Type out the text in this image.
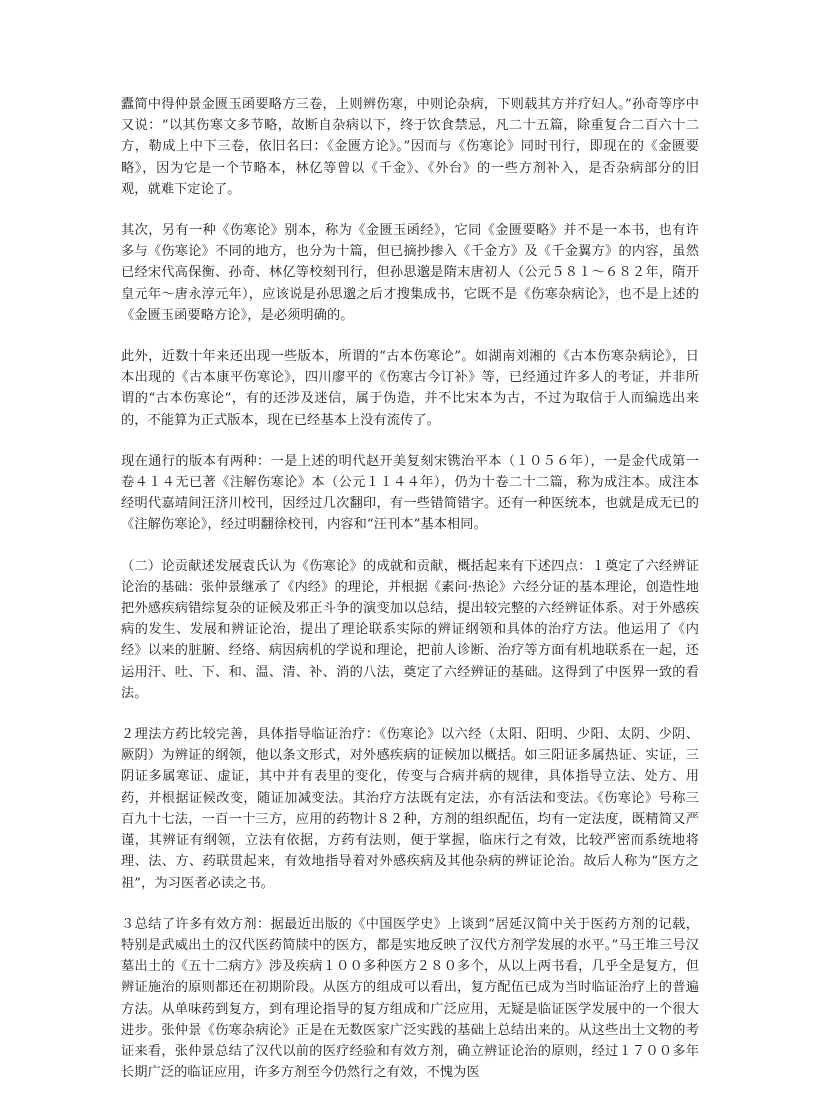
蠹简中得仲景金匮玉函要略方三卷，上则辨伤寒，中则论杂病，下则载其方并疗妇人。”孙奇等序中又说：“以其伤寒文多节略，故断自杂病以下，终于饮食禁忌，凡二十五篇，除重复合二百六十二方，勒成上中下三卷，依旧名曰：《金匮方论》。”因而与《伤寒论》同时刊行，即现在的《金匮要略》，因为它是一个节略本，林亿等曾以《千金》、《外台》的一些方剂补入，是否杂病部分的旧观，就难下定论了。

其次，另有一种《伤寒论》别本，称为《金匮玉函经》，它同《金匮要略》并不是一本书，也有许多与《伤寒论》不同的地方，也分为十篇，但已摘抄掺入《千金方》及《千金翼方》的内容，虽然已经宋代高保衡、孙奇、林亿等校刻刊行，但孙思邈是隋末唐初人（公元５８１～６８２年，隋开皇元年～唐永淳元年），应该说是孙思邈之后才搜集成书，它既不是《伤寒杂病论》，也不是上述的《金匮玉函要略方论》，是必须明确的。

此外，近数十年来还出现一些版本，所谓的“古本伤寒论”。如湖南刘湘的《古本伤寒杂病论》，日本出现的《古本康平伤寒论》，四川廖平的《伤寒古今订补》等，已经通过许多人的考证，并非所谓的“古本伤寒论”，有的还涉及迷信，属于伪造，并不比宋本为古，不过为取信于人而编选出来的，不能算为正式版本，现在已经基本上没有流传了。

现在通行的版本有两种：一是上述的明代赵开美复刻宋镌治平本（１０５６年），一是金代成第一卷４１４无已著《注解伤寒论》本（公元１１４４年），仍为十卷二十二篇，称为成注本。成注本经明代嘉靖间汪济川校刊，因经过几次翻印，有一些错简错字。还有一种医统本，也就是成无已的《注解伤寒论》，经过明翻徐校刊，内容和“汪刊本”基本相同。

（二）论贡献述发展袁氏认为《伤寒论》的成就和贡献，概括起来有下述四点：１奠定了六经辨证论治的基础：张仲景继承了《内经》的理论，并根据《素问·热论》六经分证的基本理论，创造性地把外感疾病错综复杂的证候及邪正斗争的演变加以总结，提出较完整的六经辨证体系。对于外感疾病的发生、发展和辨证论治，提出了理论联系实际的辨证纲领和具体的治疗方法。他运用了《内经》以来的脏腑、经络、病因病机的学说和理论，把前人诊断、治疗等方面有机地联系在一起，还运用汗、吐、下、和、温、清、补、消的八法，奠定了六经辨证的基础。这得到了中医界一致的看法。

２理法方药比较完善，具体指导临证治疗：《伤寒论》以六经（太阳、阳明、少阳、太阴、少阴、厥阴）为辨证的纲领，他以条文形式，对外感疾病的证候加以概括。如三阳证多属热证、实证，三阴证多属寒证、虚证，其中并有表里的变化，传变与合病并病的规律，具体指导立法、处方、用药，并根据证候改变，随证加减变法。其治疗方法既有定法，亦有活法和变法。《伤寒论》号称三百九十七法，一百一十三方，应用的药物计８２种，方剂的组织配伍，均有一定法度，既精简又严谨，其辨证有纲领，立法有依据，方药有法则，便于掌握，临床行之有效，比较严密而系统地将理、法、方、药联贯起来，有效地指导着对外感疾病及其他杂病的辨证论治。故后人称为“医方之祖”，为习医者必读之书。

３总结了许多有效方剂：据最近出版的《中国医学史》上谈到“居延汉简中关于医药方剂的记载，特别是武威出土的汉代医药简牍中的医方，都是实地反映了汉代方剂学发展的水平。”马王堆三号汉墓出土的《五十二病方》涉及疾病１００多种医方２８０多个，从以上两书看，几乎全是复方，但辨证施治的原则都还在初期阶段。从医方的组成可以看出，复方配伍已成为当时临证治疗上的普遍方法。从单味药到复方，到有理论指导的复方组成和广泛应用，无疑是临证医学发展中的一个很大进步。张仲景《伤寒杂病论》正是在无数医家广泛实践的基础上总结出来的。从这些出土文物的考证来看，张仲景总结了汉代以前的医疗经验和有效方剂，确立辨证论治的原则，经过１７００多年长期广泛的临证应用，许多方剂至今仍然行之有效，不愧为医
